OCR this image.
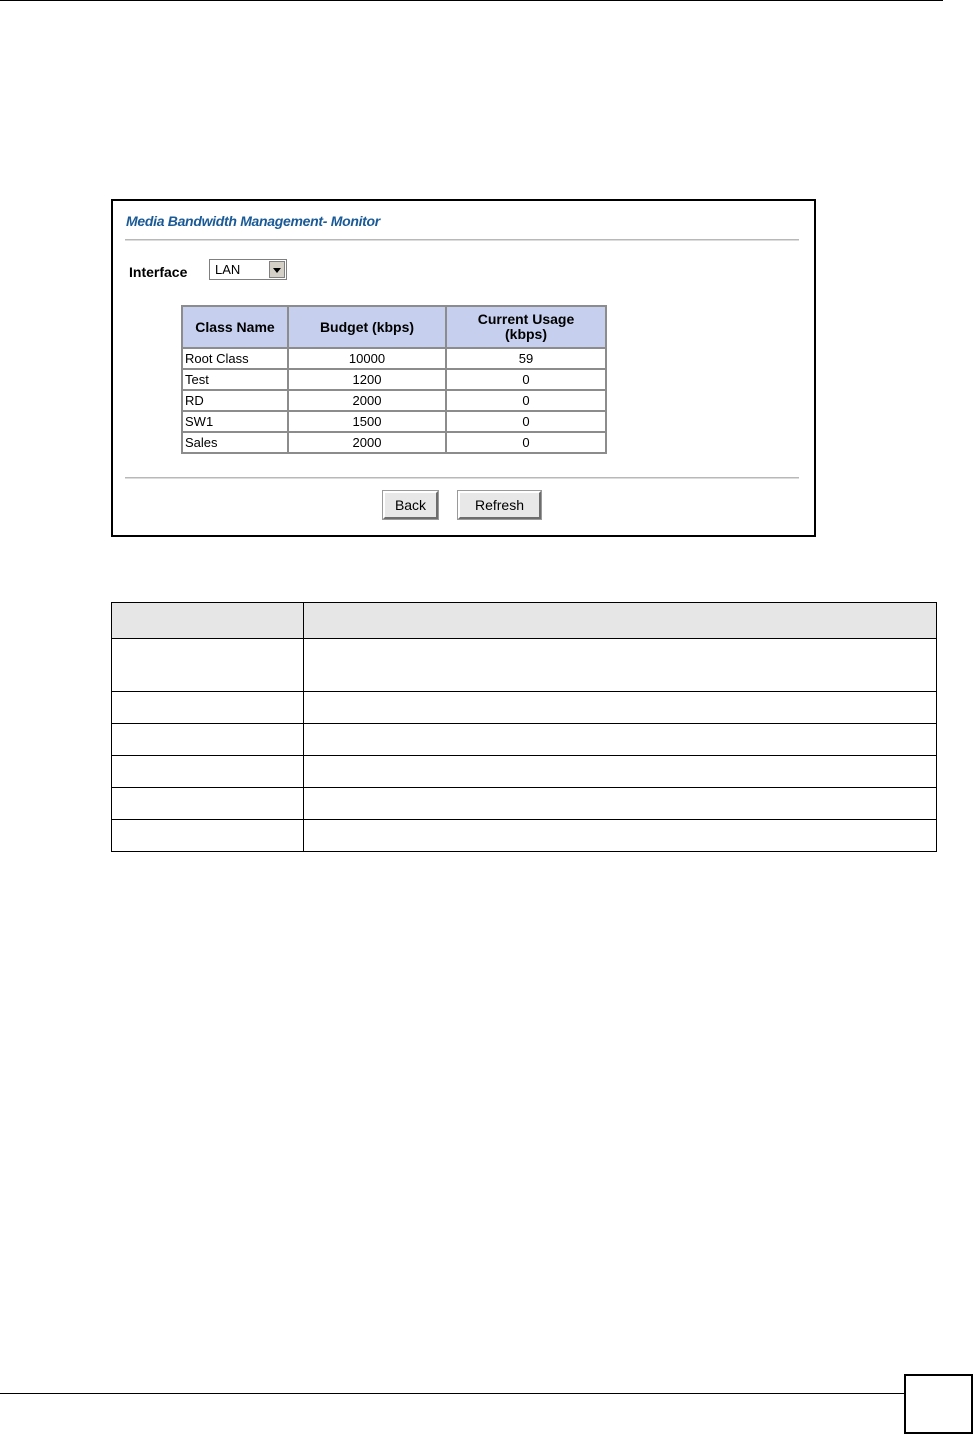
Media Bandwidth Management- Monitor
Interface LAN
Class Name	Budget (kbps)	Current Usage (kbps)
Root Class	10000	59
Test	1200	0
RD	2000	0
SW1	1500	0
Sales	2000	0
Back	Refresh
